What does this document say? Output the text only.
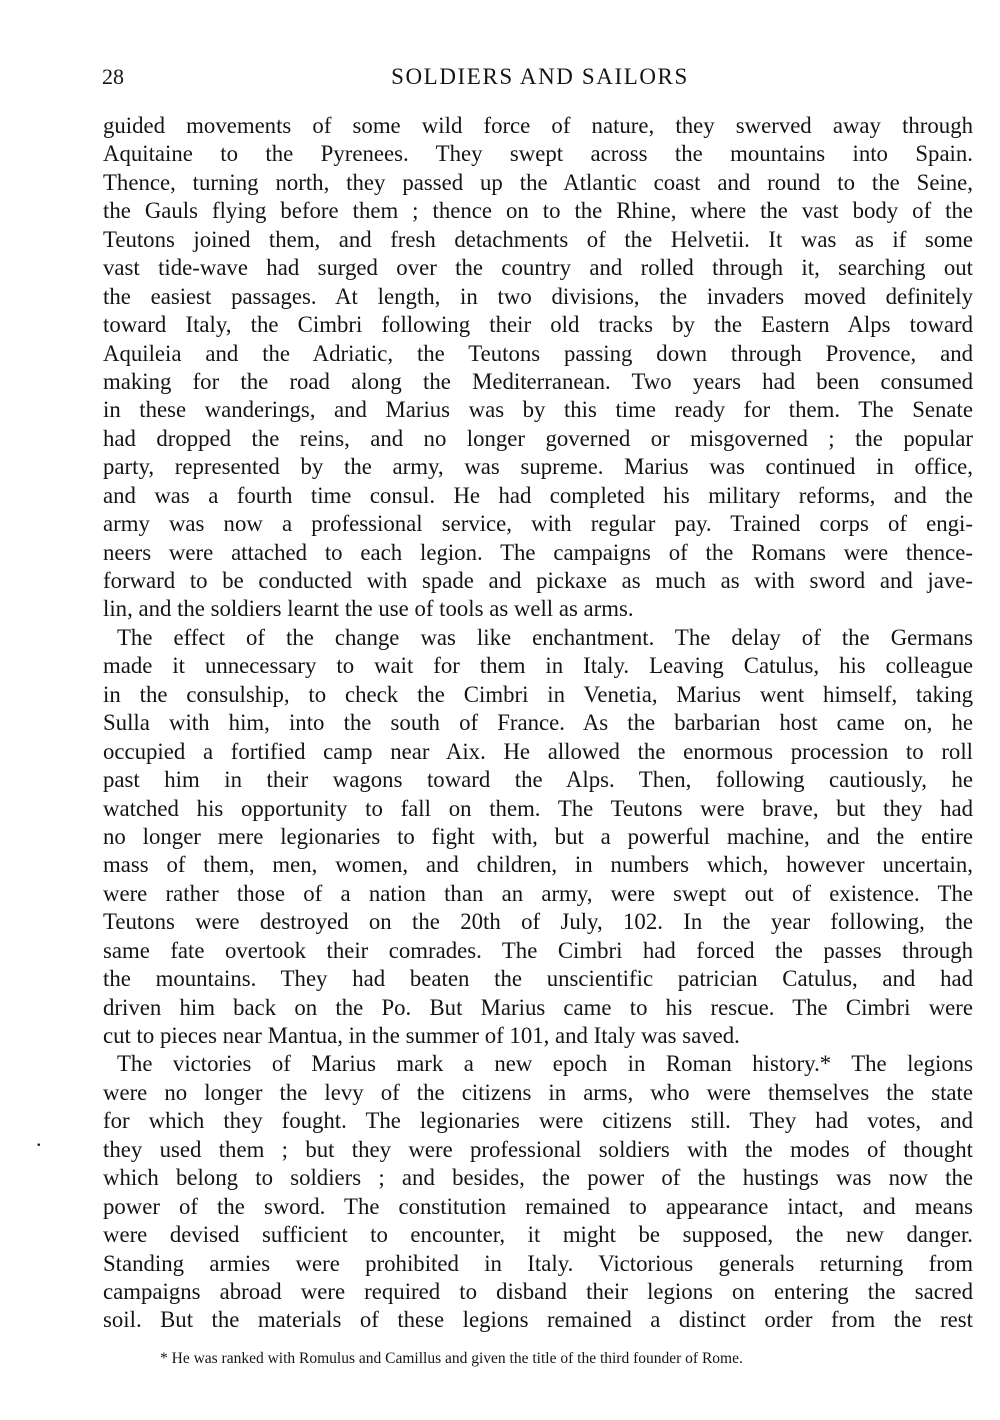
28	SOLDIERS AND SAILORS
guided movements of some wild force of nature, they swerved away through
Aquitaine to the Pyrenees. They swept across the mountains into Spain.
Thence, turning north, they passed up the Atlantic coast and round to the Seine,
the Gauls flying before them ; thence on to the Rhine, where the vast body of the
Teutons joined them, and fresh detachments of the Helvetii. It was as if some
vast tide-wave had surged over the country and rolled through it, searching out
the easiest passages. At length, in two divisions, the invaders moved definitely
toward Italy, the Cimbri following their old tracks by the Eastern Alps toward
Aquileia and the Adriatic, the Teutons passing down through Provence, and
making for the road along the Mediterranean. Two years had been consumed
in these wanderings, and Marius was by this time ready for them. The Senate
had dropped the reins, and no longer governed or misgoverned ; the popular
party, represented by the army, was supreme. Marius was continued in office,
and was a fourth time consul. He had completed his military reforms, and the
army was now a professional service, with regular pay. Trained corps of engi-
neers were attached to each legion. The campaigns of the Romans were thence-
forward to be conducted with spade and pickaxe as much as with sword and jave-
lin, and the soldiers learnt the use of tools as well as arms.
The effect of the change was like enchantment. The delay of the Germans
made it unnecessary to wait for them in Italy. Leaving Catulus, his colleague
in the consulship, to check the Cimbri in Venetia, Marius went himself, taking
Sulla with him, into the south of France. As the barbarian host came on, he
occupied a fortified camp near Aix. He allowed the enormous procession to roll
past him in their wagons toward the Alps. Then, following cautiously, he
watched his opportunity to fall on them. The Teutons were brave, but they had
no longer mere legionaries to fight with, but a powerful machine, and the entire
mass of them, men, women, and children, in numbers which, however uncertain,
were rather those of a nation than an army, were swept out of existence. The
Teutons were destroyed on the 20th of July, 102. In the year following, the
same fate overtook their comrades. The Cimbri had forced the passes through
the mountains. They had beaten the unscientific patrician Catulus, and had
driven him back on the Po. But Marius came to his rescue. The Cimbri were
cut to pieces near Mantua, in the summer of 101, and Italy was saved.
The victories of Marius mark a new epoch in Roman history.* The legions
were no longer the levy of the citizens in arms, who were themselves the state
for which they fought. The legionaries were citizens still. They had votes, and
they used them ; but they were professional soldiers with the modes of thought
which belong to soldiers ; and besides, the power of the hustings was now the
power of the sword. The constitution remained to appearance intact, and means
were devised sufficient to encounter, it might be supposed, the new danger.
Standing armies were prohibited in Italy. Victorious generals returning from
campaigns abroad were required to disband their legions on entering the sacred
soil. But the materials of these legions remained a distinct order from the rest
.
* He was ranked with Romulus and Camillus and given the title of the third founder of Rome.
